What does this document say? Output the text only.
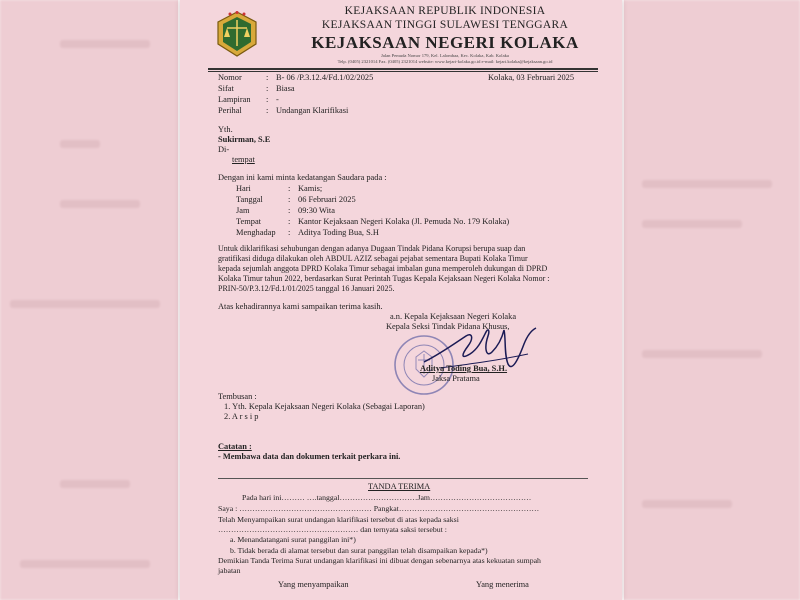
KEJAKSAAN REPUBLIK INDONESIA
KEJAKSAAN TINGGI SULAWESI TENGGARA
KEJAKSAAN NEGERI KOLAKA
Jalan Pemuda Nomor 179, Kel. Lalombaa, Kec. Kolaka, Kab. Kolaka
Telp. (0405) 2321014 Fax. (0405) 2321014 website: www.kejari-kolaka.go.id e-mail: kejari.kolaka@kejaksaan.go.id
Kolaka, 03 Februari 2025
Nomor	: B- 06 /P.3.12.4/Fd.1/02/2025
Sifat	: Biasa
Lampiran : -
Perihal	: Undangan Klarifikasi
Yth.
Sukirman, S.E
Di-
tempat
Dengan ini kami minta kedatangan Saudara pada :
Hari	: Kamis;
Tanggal	: 06 Februari 2025
Jam	: 09:30 Wita
Tempat	: Kantor Kejaksaan Negeri Kolaka (Jl. Pemuda No. 179 Kolaka)
Menghadap : Aditya Toding Bua, S.H
Untuk diklarifikasi sehubungan dengan adanya Dugaan Tindak Pidana Korupsi berupa suap dan
gratifikasi diduga dilakukan oleh ABDUL AZIZ sebagai pejabat sementara Bupati Kolaka Timur
kepada sejumlah anggota DPRD Kolaka Timur sebagai imbalan guna memperoleh dukungan di DPRD
Kolaka Timur tahun 2022, berdasarkan Surat Perintah Tugas Kepala Kejaksaan Negeri Kolaka Nomor :
PRIN-50/P.3.12/Fd.1/01/2025 tanggal 16 Januari 2025.
Atas kehadirannya kami sampaikan terima kasih.
a.n. Kepala Kejaksaan Negeri Kolaka
Kepala Seksi Tindak Pidana Khusus,
Aditya Toding Bua, S.H.
Jaksa Pratama
Tembusan :
1. Yth. Kepala Kejaksaan Negeri Kolaka (Sebagai Laporan)
2. A r s i p
Catatan :
- Membawa data dan dokumen terkait perkara ini.
TANDA TERIMA
Pada hari ini……… ….tanggal…………………………Jam…………………………………
Saya : …………………………………………… Pangkat………………………………………………
Telah Menyampaikan surat undangan klarifikasi tersebut di atas kepada saksi
……………………………………………… dan ternyata saksi tersebut :
a. Menandatangani surat panggilan ini*)
b. Tidak berada di alamat tersebut dan surat panggilan telah disampaikan kepada*)
Demikian Tanda Terima Surat undangan klarifikasi ini dibuat dengan sebenarnya atas kekuatan sumpah
jabatan
Yang menyampaikan	Yang menerima
